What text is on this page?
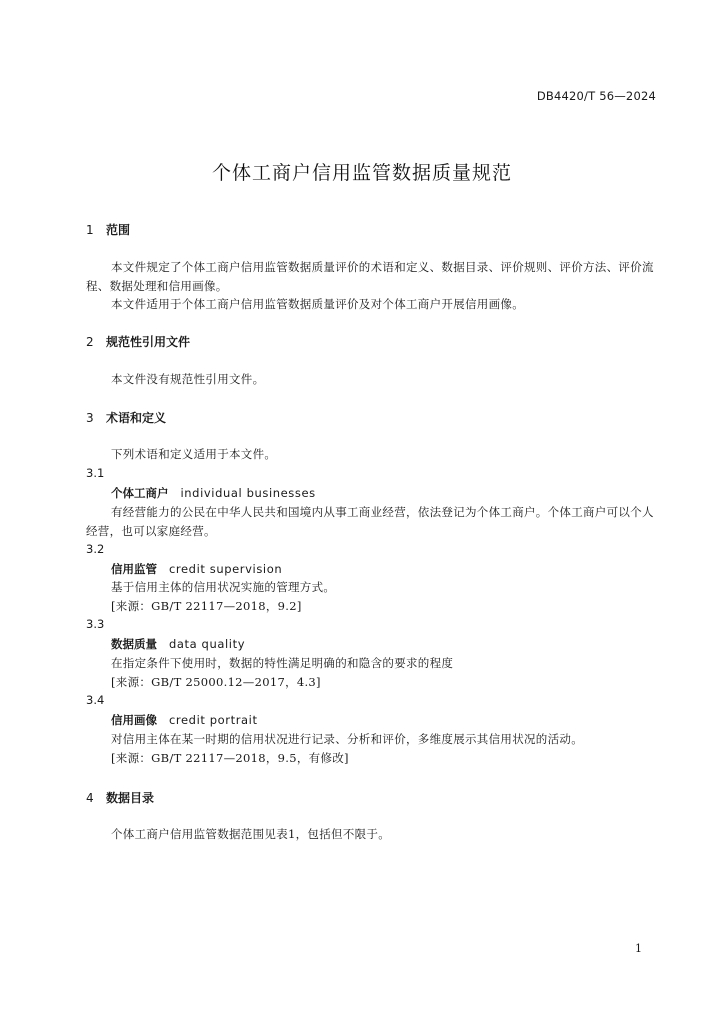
DB4420/T 56—2024
个体工商户信用监管数据质量规范
1 范围

本文件规定了个体工商户信用监管数据质量评价的术语和定义、数据目录、评价规则、评价方法、评价流程、数据处理和信用画像。

本文件适用于个体工商户信用监管数据质量评价及对个体工商户开展信用画像。

2 规范性引用文件

本文件没有规范性引用文件。

3 术语和定义

下列术语和定义适用于本文件。

3.1
个体工商户 individual businesses

有经营能力的公民在中华人民共和国境内从事工商业经营，依法登记为个体工商户。个体工商户可以个人经营，也可以家庭经营。

3.2
信用监管 credit supervision

基于信用主体的信用状况实施的管理方式。

[来源：GB/T 22117—2018，9.2]

3.3
数据质量 data quality

在指定条件下使用时，数据的特性满足明确的和隐含的要求的程度

[来源：GB/T 25000.12—2017，4.3]

3.4
信用画像 credit portrait

对信用主体在某一时期的信用状况进行记录、分析和评价，多维度展示其信用状况的活动。

[来源：GB/T 22117—2018，9.5，有修改]

4 数据目录

个体工商户信用监管数据范围见表1，包括但不限于。

1
